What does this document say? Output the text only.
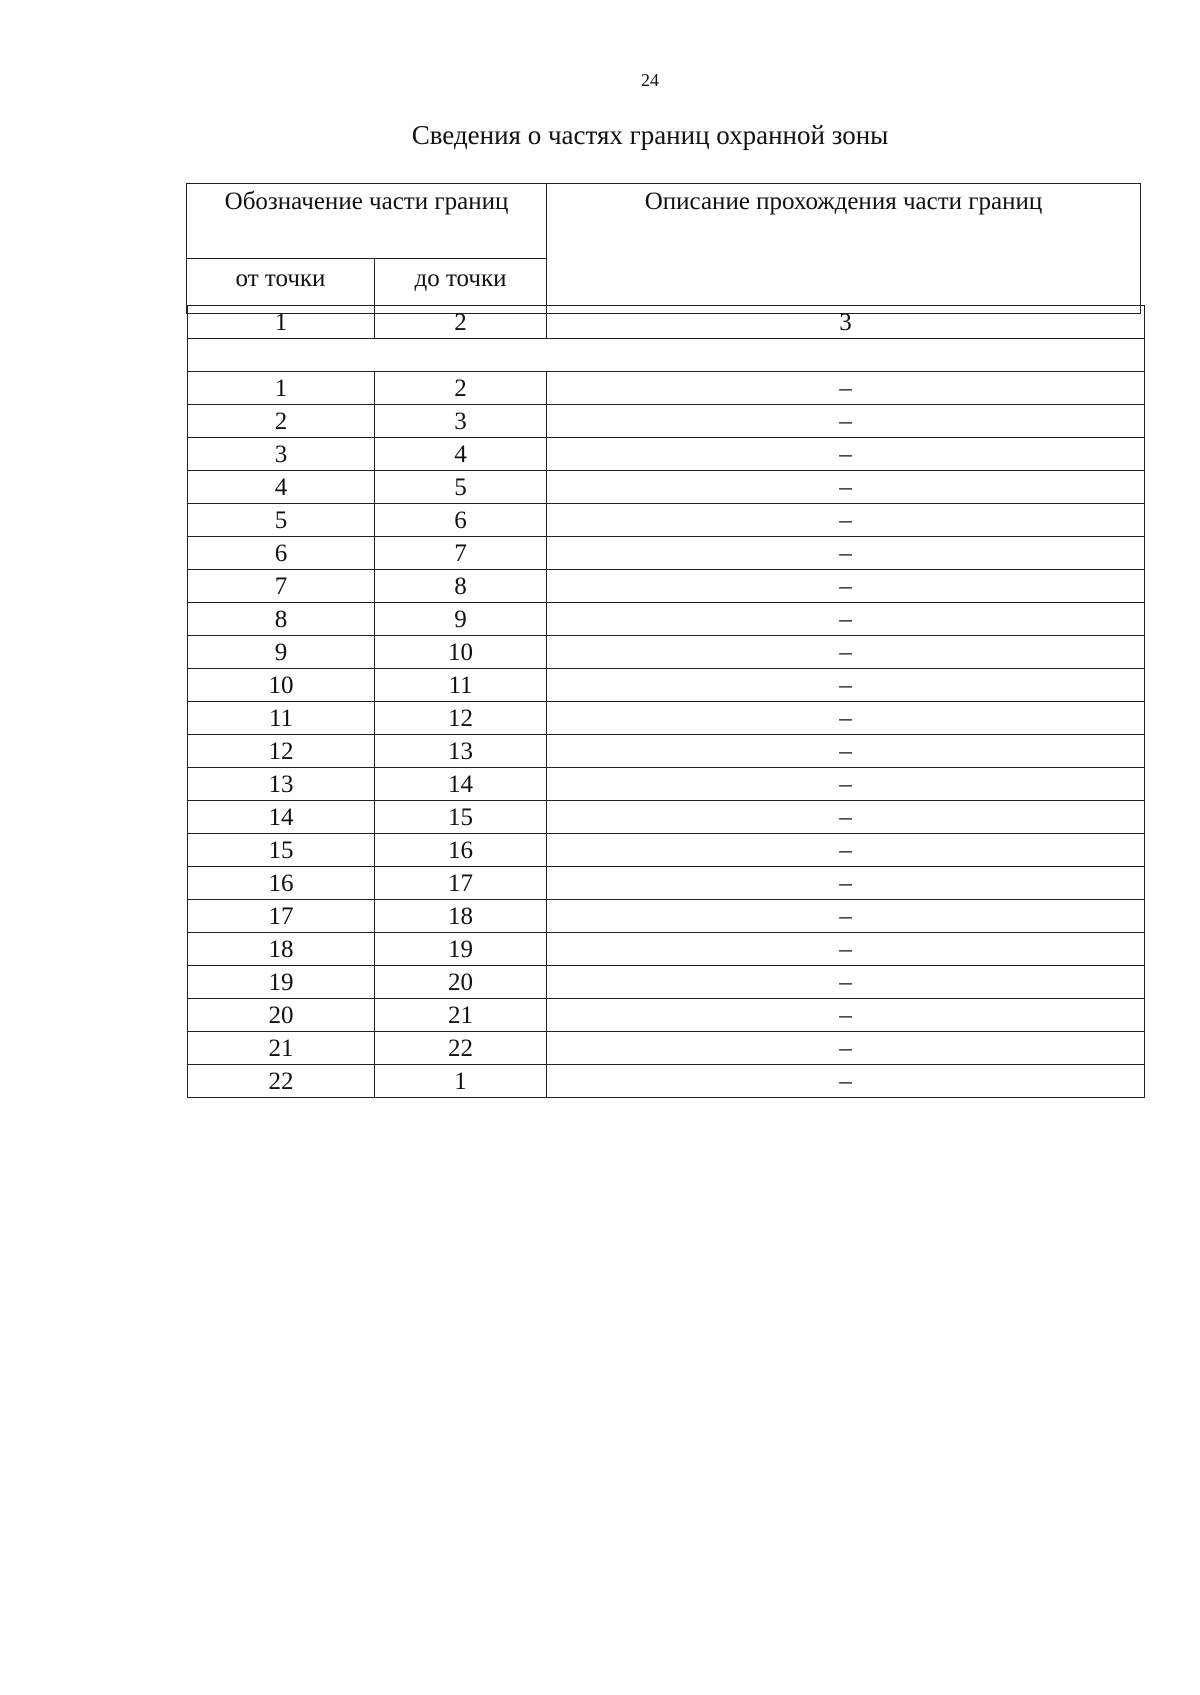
24
Сведения о частях границ охранной зоны
Обозначение части границ		Описание прохождения части границ
от точки	до точки	
1	2	3

1	2	–
2	3	–
3	4	–
4	5	–
5	6	–
6	7	–
7	8	–
8	9	–
9	10	–
10	11	–
11	12	–
12	13	–
13	14	–
14	15	–
15	16	–
16	17	–
17	18	–
18	19	–
19	20	–
20	21	–
21	22	–
22	1	–
